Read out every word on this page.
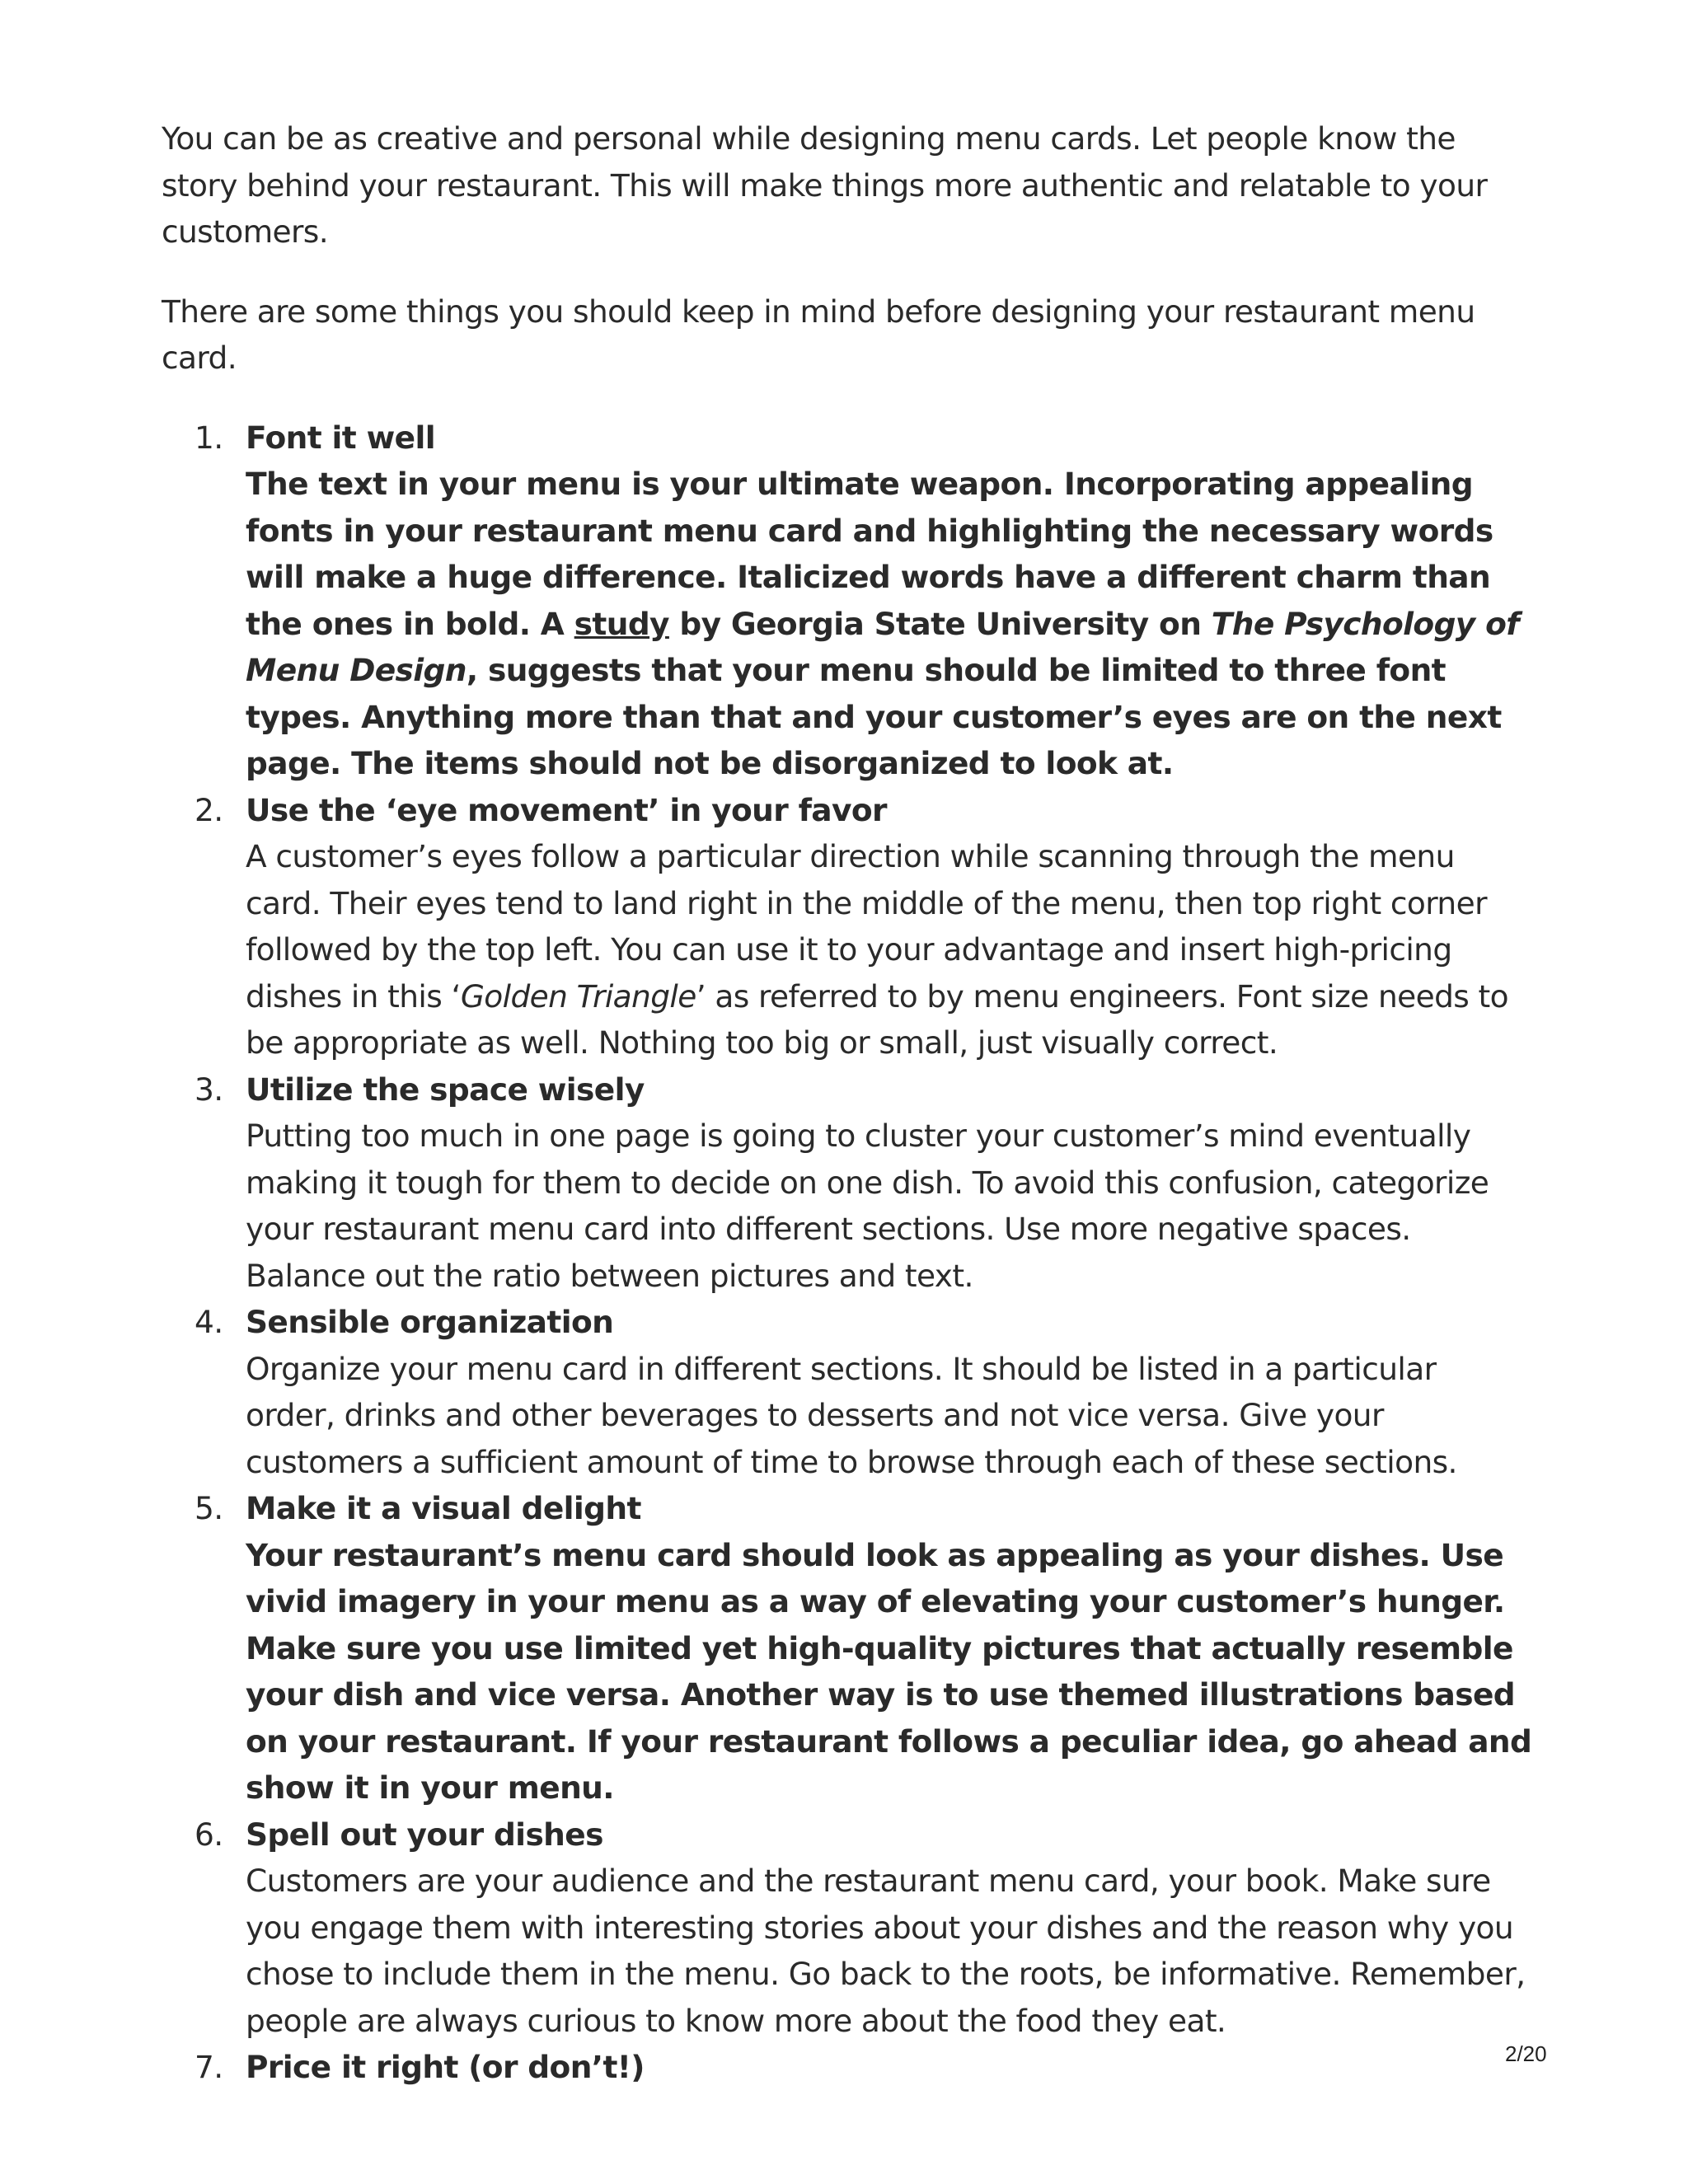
You can be as creative and personal while designing menu cards. Let people know the story behind your restaurant. This will make things more authentic and relatable to your customers.

There are some things you should keep in mind before designing your restaurant menu card.

1. Font it well
The text in your menu is your ultimate weapon. Incorporating appealing fonts in your restaurant menu card and highlighting the necessary words will make a huge difference. Italicized words have a different charm than the ones in bold. A study by Georgia State University on The Psychology of Menu Design, suggests that your menu should be limited to three font types. Anything more than that and your customer’s eyes are on the next page. The items should not be disorganized to look at.
2. Use the ‘eye movement’ in your favor
A customer’s eyes follow a particular direction while scanning through the menu card. Their eyes tend to land right in the middle of the menu, then top right corner followed by the top left. You can use it to your advantage and insert high-pricing dishes in this ‘Golden Triangle’ as referred to by menu engineers. Font size needs to be appropriate as well. Nothing too big or small, just visually correct.
3. Utilize the space wisely
Putting too much in one page is going to cluster your customer’s mind eventually making it tough for them to decide on one dish. To avoid this confusion, categorize your restaurant menu card into different sections. Use more negative spaces. Balance out the ratio between pictures and text.
4. Sensible organization
Organize your menu card in different sections. It should be listed in a particular order, drinks and other beverages to desserts and not vice versa. Give your customers a sufficient amount of time to browse through each of these sections.
5. Make it a visual delight
Your restaurant’s menu card should look as appealing as your dishes. Use vivid imagery in your menu as a way of elevating your customer’s hunger. Make sure you use limited yet high-quality pictures that actually resemble your dish and vice versa. Another way is to use themed illustrations based on your restaurant. If your restaurant follows a peculiar idea, go ahead and show it in your menu.
6. Spell out your dishes
Customers are your audience and the restaurant menu card, your book. Make sure you engage them with interesting stories about your dishes and the reason why you chose to include them in the menu. Go back to the roots, be informative. Remember, people are always curious to know more about the food they eat.
7. Price it right (or don’t!)	2/20
